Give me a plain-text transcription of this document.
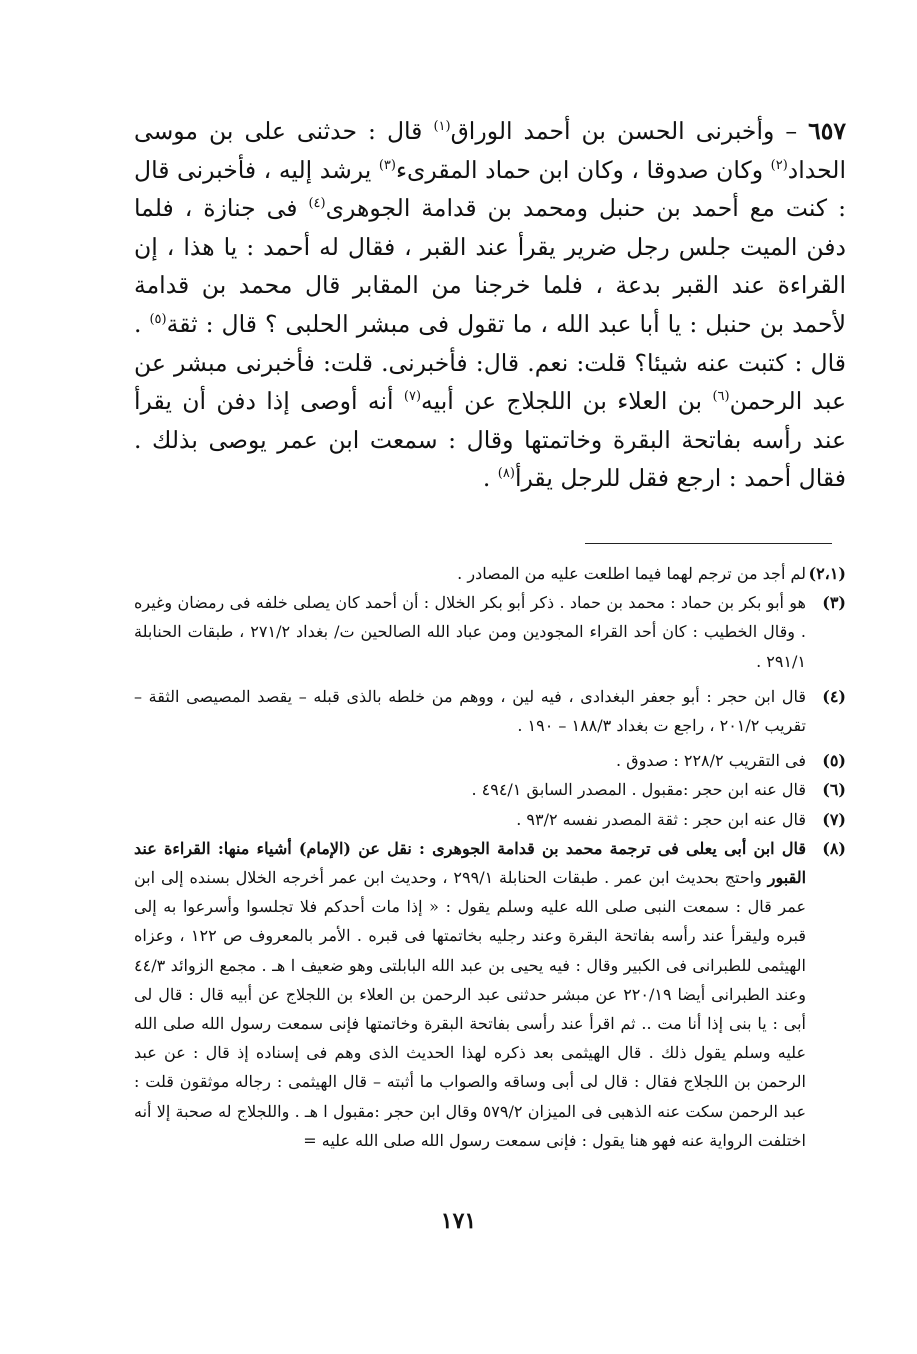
٦٥٧ – وأخبرنى الحسن بن أحمد الوراق$^{(١)}$ قال : حدثنى على بن موسى الحداد$^{(٢)}$ وكان صدوقا ، وكان ابن حماد المقرىء$^{(٣)}$ يرشد إليه ، فأخبرنى قال : كنت مع أحمد بن حنبل ومحمد بن قدامة الجوهرى$^{(٤)}$ فى جنازة ، فلما دفن الميت جلس رجل ضرير يقرأ عند القبر ، فقال له أحمد : يا هذا ، إن القراءة عند القبر بدعة ، فلما خرجنا من المقابر قال محمد بن قدامة لأحمد بن حنبل : يا أبا عبد الله ، ما تقول فى مبشر الحلبى ؟ قال : ثقة$^{(٥)}$ . قال : كتبت عنه شيئا؟ قلت: نعم. قال: فأخبرنى. قلت: فأخبرنى مبشر عن عبد الرحمن$^{(٦)}$ بن العلاء بن اللجلاج عن أبيه$^{(٧)}$ أنه أوصى إذا دفن أن يقرأ عند رأسه بفاتحة البقرة وخاتمتها وقال : سمعت ابن عمر يوصى بذلك . فقال أحمد : ارجع فقل للرجل يقرأ$^{(٨)}$ .
(٢،١)
لم أجد من ترجم لهما فيما اطلعت عليه من المصادر .
(٣)
هو أبو بكر بن حماد : محمد بن حماد . ذكر أبو بكر الخلال : أن أحمد كان يصلى خلفه فى رمضان وغيره . وقال الخطيب : كان أحد القراء المجودين ومن عباد الله الصالحين ت/ بغداد ٢٧١/٢ ، طبقات الحنابلة ٢٩١/١ .
(٤)
قال ابن حجر : أبو جعفر البغدادى ، فيه لين ، ووهم من خلطه بالذى قبله – يقصد المصيصى الثقة – تقريب ٢٠١/٢ ، راجع ت بغداد ١٨٨/٣ – ١٩٠ .
(٥)
فى التقريب ٢٢٨/٢ : صدوق .
(٦)
قال عنه ابن حجر :مقبول . المصدر السابق ٤٩٤/١ .
(٧)
قال عنه ابن حجر : ثقة المصدر نفسه ٩٣/٢ .
(٨)
قال ابن أبى يعلى فى ترجمة محمد بن قدامة الجوهرى : نقل عن (الإمام) أشياء منها: القراءة عند القبور واحتج بحديث ابن عمر . طبقات الحنابلة ٢٩٩/١ ، وحديث ابن عمر أخرجه الخلال بسنده إلى ابن عمر قال : سمعت النبى صلى الله عليه وسلم يقول : « إذا مات أحدكم فلا تجلسوا وأسرعوا به إلى قبره وليقرأ عند رأسه بفاتحة البقرة وعند رجليه بخاتمتها فى قبره . الأمر بالمعروف ص ١٢٢ ، وعزاه الهيثمى للطبرانى فى الكبير وقال : فيه يحيى بن عبد الله البابلتى وهو ضعيف ا هـ . مجمع الزوائد ٤٤/٣ وعند الطبرانى أيضا ٢٢٠/١٩ عن مبشر حدثنى عبد الرحمن بن العلاء بن اللجلاج عن أبيه قال : قال لى أبى : يا بنى إذا أنا مت .. ثم اقرأ عند رأسى بفاتحة البقرة وخاتمتها فإنى سمعت رسول الله صلى الله عليه وسلم يقول ذلك . قال الهيثمى بعد ذكره لهذا الحديث الذى وهم فى إسناده إذ قال : عن عبد الرحمن بن اللجلاج فقال : قال لى أبى وساقه والصواب ما أثبته – قال الهيثمى : رجاله موثقون قلت : عبد الرحمن سكت عنه الذهبى فى الميزان ٥٧٩/٢ وقال ابن حجر :مقبول ا هـ . واللجلاج له صحبة إلا أنه اختلفت الرواية عنه فهو هنا يقول : فإنى سمعت رسول الله صلى الله عليه =
١٧١
